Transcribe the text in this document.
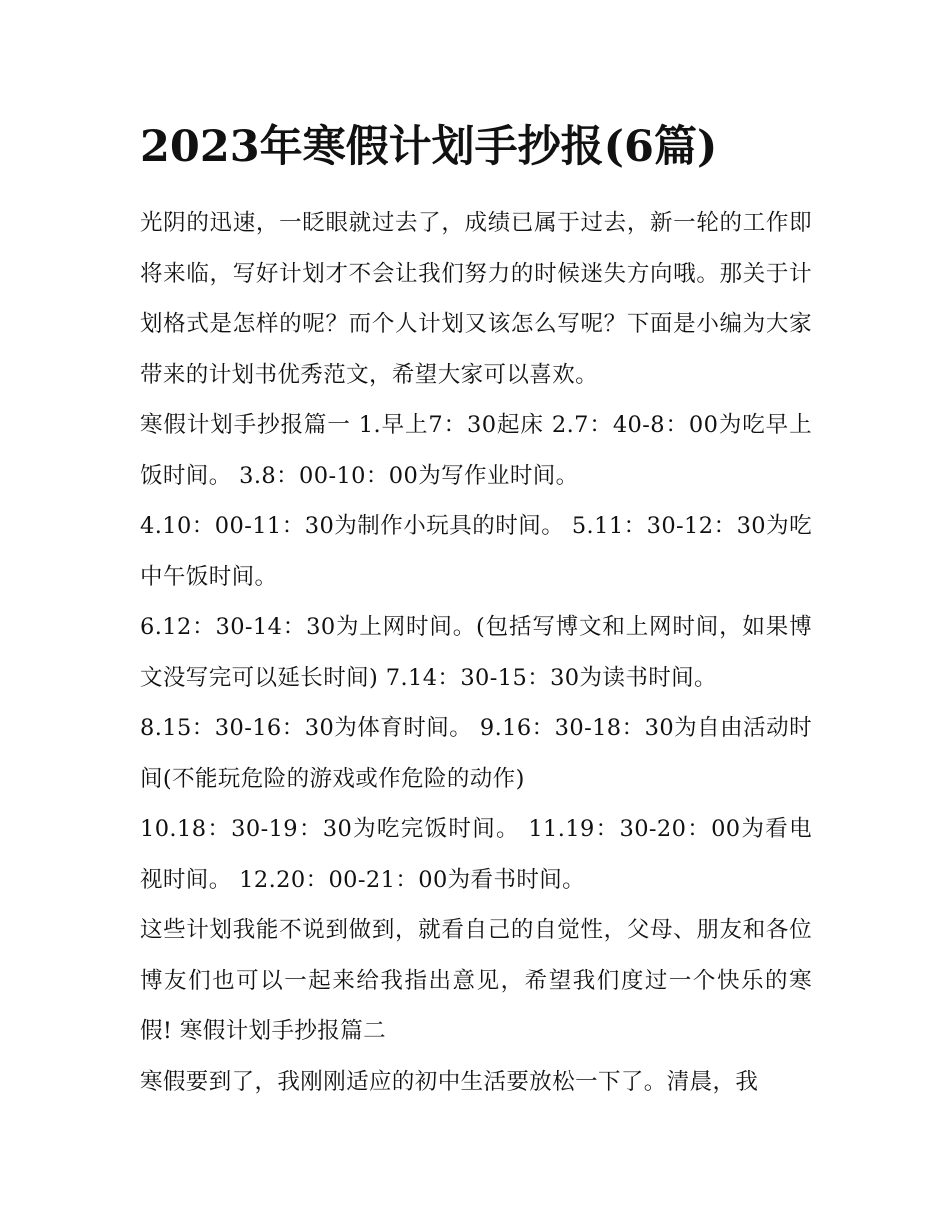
2023年寒假计划手抄报(6篇)

光阴的迅速，一眨眼就过去了，成绩已属于过去，新一轮的工作即将来临，写好计划才不会让我们努力的时候迷失方向哦。那关于计划格式是怎样的呢？而个人计划又该怎么写呢？下面是小编为大家带来的计划书优秀范文，希望大家可以喜欢。

寒假计划手抄报篇一 1.早上7：30起床 2.7：40-8：00为吃早上饭时间。 3.8：00-10：00为写作业时间。

4.10：00-11：30为制作小玩具的时间。 5.11：30-12：30为吃中午饭时间。

6.12：30-14：30为上网时间。(包括写博文和上网时间，如果博文没写完可以延长时间) 7.14：30-15：30为读书时间。

8.15：30-16：30为体育时间。 9.16：30-18：30为自由活动时间(不能玩危险的游戏或作危险的动作)

10.18：30-19：30为吃完饭时间。 11.19：30-20：00为看电视时间。 12.20：00-21：00为看书时间。

这些计划我能不说到做到，就看自己的自觉性，父母、朋友和各位博友们也可以一起来给我指出意见，希望我们度过一个快乐的寒假! 寒假计划手抄报篇二

寒假要到了，我刚刚适应的初中生活要放松一下了。清晨，我
